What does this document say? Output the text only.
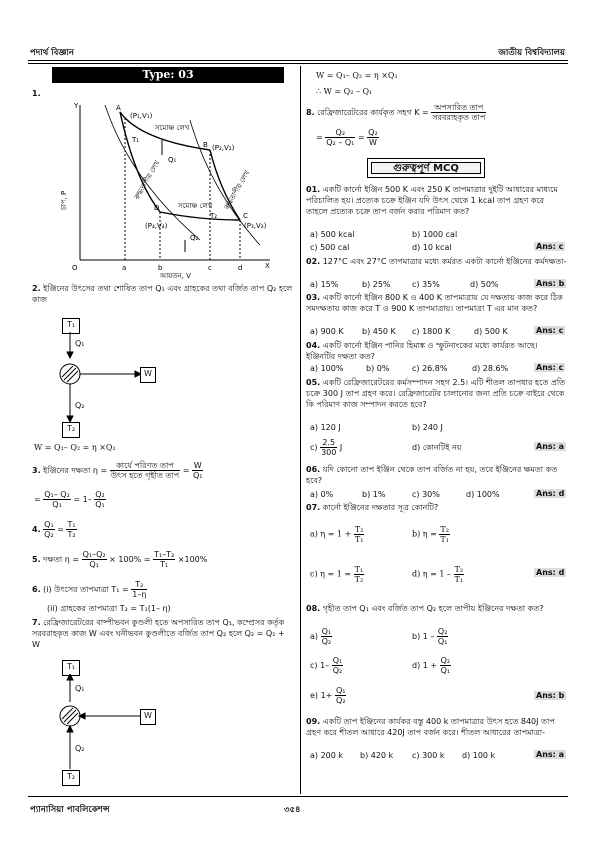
পদার্থ বিজ্ঞান	জাতীয় বিশ্ববিদ্যালয়
Type: 03
1.
A
(P₁,V₁)
T₁
সমোষ্ণ লেখ
Q₁
B (P₂,V₂)
রুদ্ধতাপীয় লেখ	রুদ্ধতাপীয় লেখ
সমোষ্ণ লেখ
D
(P₄,V₄)
C
(P₃,V₃)
Q₂
T₂
O	a	b	c	d	X
Y
আয়তন, V
চাপ, P
2. ইঞ্জিনের উৎসের তথা শোষিত তাপ Q₁ এবং গ্রাহকের তথা বর্জিত তাপ Q₂ হলে কাজ
T₁
Q₁
W
Q₂
T₂
W = Q₁– Q₂ = η ×Q₁
3. ইঞ্জিনের দক্ষতা $\eta = \frac{\text{কার্যে পরিণত তাপ}}{\text{উৎস হতে গৃহীত তাপ}} = \frac{W}{\text{Q₁}}$
= $\frac{\text{Q₁– Q₂}}{\text{Q₁}} = 1- \frac{\text{Q₂}}{\text{Q₁}}$
4. $\frac{\text{Q₁}}{\text{Q₂}} = \frac{\text{T₁}}{\text{T₂}}$
5. দক্ষতা $\eta = \frac{\text{Q₁–Q₂}}{\text{Q₁}} \times 100\% = \frac{\text{T₁–T₂}}{\text{T₁}} \times 100\%$
6. (i) উৎসের তাপমাত্রা $T_1 = \frac{\text{T₂}}{1-\eta}$
(ii) গ্রাহকের তাপমাত্রা T₂ = T₁(1– η)
7. রেফ্রিজারেটরের বাষ্পীভবন কুণ্ডলী হতে অপসারিত তাপ Q₁, কম্প্রেসর কর্তৃক সরবরাহকৃত কাজ W এবং ঘনীভবন কুণ্ডলীতে বর্জিত তাপ Q₂ হলে Q₂ = Q₁ + W
T₁
Q₁
W
Q₂
T₂
W = Q₁– Q₂ = η ×Q₁
∴ W = Q₂ – Q₁
8. রেফ্রিজারেটরের কার্যকৃত সহগ $K = \frac{\text{অপসারিত তাপ}}{\text{সরবরাহকৃত তাপ}}$
= $\frac{\text{Q₂}}{\text{Q₂ – Q₁}} = \frac{\text{Q₂}}{W}$
গুরুত্বপূর্ণ MCQ
01. একটি কার্নো ইঞ্জিন 500 K এবং 250 K তাপমাত্রার দুইটি আধারের মাধ্যমে পরিচালিত হয়। প্রত্যেক চক্রে ইঞ্জিন যদি উৎস থেকে 1 kcal তাপ গ্রহণ করে তাহলে প্রত্যেক চক্রে তাপ বর্জন করার পরিমাণ কত?
a) 500 kcal	b) 1000 cal
c) 500 cal	d) 10 kcal	Ans: c
02. 127°C এবং 27°C তাপমাত্রার মধ্যে কর্মরত একটা কার্নো ইঞ্জিনের কর্মদক্ষতা-
a) 15%	b) 25%	c) 35%	d) 50%	Ans: b
03. একটি কার্নো ইঞ্জিন 800 K ও 400 K তাপমাত্রায় যে দক্ষতায় কাজ করে ঠিক সমদক্ষতায় কাজ করে T ও 900 K তাপমাত্রায়। তাপমাত্রা T এর মান কত?
a) 900 K b) 450 K c) 1800 K	d) 500 K	Ans: c
04. একটি কার্নো ইঞ্জিন পানির হিমাঙ্ক ও স্ফুটনাংকের মধ্যে কার্যরত আছে। ইঞ্জিনটির দক্ষতা কত?
a) 100%	b) 0%	c) 26.8%	d) 28.6%	Ans: c
05. একটি রেফ্রিজারেটরের কর্মসম্পাদন সহগ 2.5। এটি শীতল তাপধার হতে প্রতি চক্রে 300 J তাপ গ্রহণ করে। রেফ্রিজারেটর চালানোর জন্য প্রতি চক্রে বাইরে থেকে কি পরিমাণ কাজ সম্পাদন করতে হবে?
a) 120 J	b) 240 J
$c) \frac{2.5}{300}$ J	d) কোনটিই নয়	Ans: a
06. যদি কোনো তাপ ইঞ্জিন থেকে তাপ বর্জিত না হয়, তবে ইঞ্জিনের ক্ষমতা কত হবে?
a) 0%	b) 1%	c) 30%	d) 100%	Ans: d
07. কার্নো ইঞ্জিনের দক্ষতার সূত্র কোনটি?
a) $\eta = 1 + \frac{\text{T₂}}{\text{T₁}}$	b) $\eta = \frac{\text{T₂}}{\text{T₁}}$
c) $\eta = 1 = \frac{\text{T₁}}{\text{T₂}}$	d) $\eta = 1 - \frac{\text{T₂}}{\text{T₁}}$	Ans: d
08. গৃহীত তাপ Q₁ এবং বর্জিত তাপ Q₂ হলে তাপীয় ইঞ্জিনের দক্ষতা কত?
$a) \frac{\text{Q₁}}{\text{Q₂}}$	b) $1 - \frac{\text{Q₂}}{\text{Q₁}}$
c) $1- \frac{\text{Q₁}}{\text{Q₂}}$	d) $1 + \frac{\text{Q₂}}{\text{Q₁}}$
e) $1+ \frac{\text{Q₁}}{\text{Q₂}}$	Ans: b
09. একটি তাপ ইঞ্জিনের কার্যকর বস্তু 400 k তাপমাত্রার উৎস হতে 840J তাপ গ্রহণ করে শীতল আধারে 420J তাপ বর্জন করে। শীতল আধারের তাপমাত্রা-
a) 200 k b) 420 k c) 300 k d) 100 k	Ans: a
প্যানাসিয়া পাবলিকেশন্স	৩৫৪
